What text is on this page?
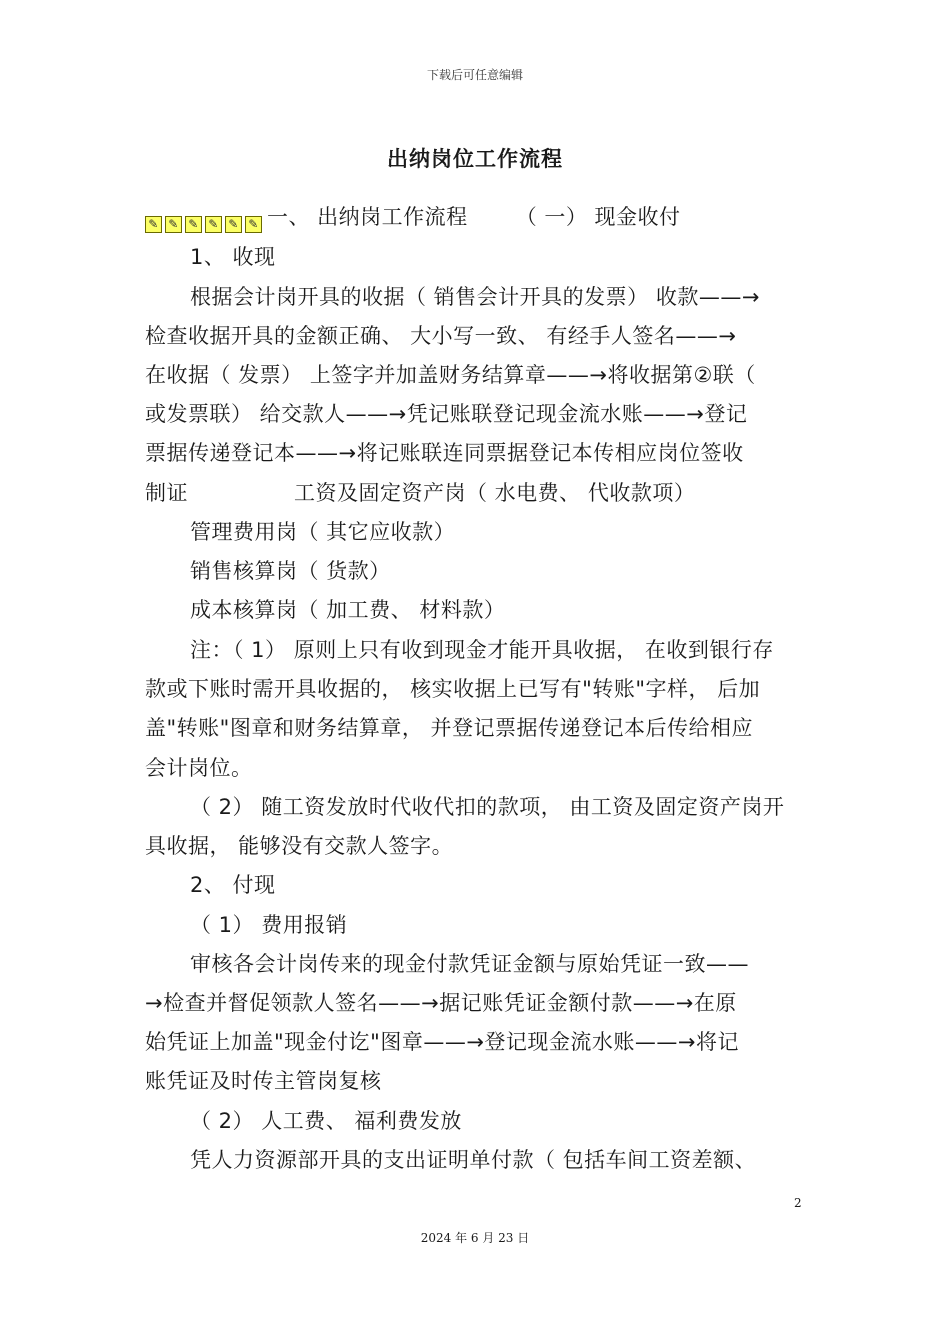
下载后可任意编辑
出纳岗位工作流程
✎ ✎ ✎ ✎ ✎ ✎ 一、 出纳岗工作流程 （ 一） 现金收付
1、 收现
根据会计岗开具的收据（ 销售会计开具的发票） 收款——→
检查收据开具的金额正确、 大小写一致、 有经手人签名——→
在收据（ 发票） 上签字并加盖财务结算章——→将收据第②联（
或发票联） 给交款人——→凭记账联登记现金流水账——→登记
票据传递登记本——→将记账联连同票据登记本传相应岗位签收
制证	工资及固定资产岗（ 水电费、 代收款项）
管理费用岗（ 其它应收款）
销售核算岗（ 货款）
成本核算岗（ 加工费、 材料款）
注：（ 1） 原则上只有收到现金才能开具收据， 在收到银行存
款或下账时需开具收据的， 核实收据上已写有"转账"字样， 后加
盖"转账"图章和财务结算章， 并登记票据传递登记本后传给相应
会计岗位。
（ 2） 随工资发放时代收代扣的款项， 由工资及固定资产岗开
具收据， 能够没有交款人签字。
2、 付现
（ 1） 费用报销
审核各会计岗传来的现金付款凭证金额与原始凭证一致——
→检查并督促领款人签名——→据记账凭证金额付款——→在原
始凭证上加盖"现金付讫"图章——→登记现金流水账——→将记
账凭证及时传主管岗复核
（ 2） 人工费、 福利费发放
凭人力资源部开具的支出证明单付款（ 包括车间工资差额、
2
2024 年 6 月 23 日
